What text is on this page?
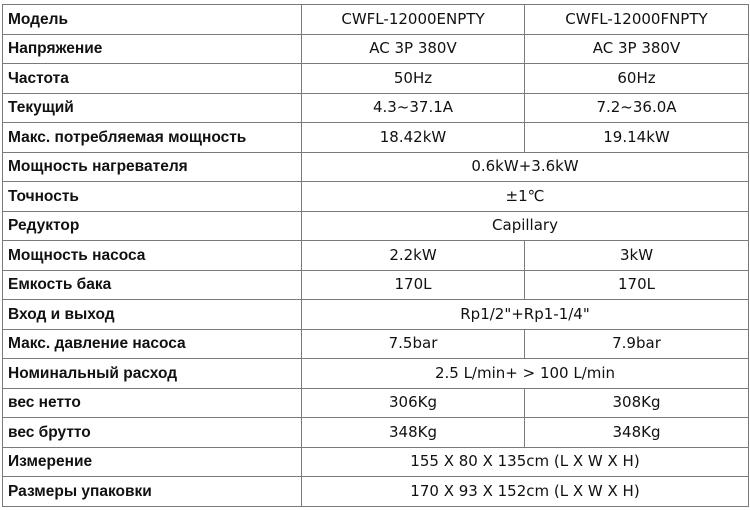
Модель	CWFL-12000ENPTY	CWFL-12000FNPTY
Напряжение	AC 3P 380V	AC 3P 380V
Частота	50Hz	60Hz
Текущий	4.3~37.1A	7.2~36.0A
Макс. потребляемая мощность	18.42kW	19.14kW
Мощность нагревателя	0.6kW+3.6kW	
Точность	±1℃	
Редуктор	Capillary	
Мощность насоса	2.2kW	3kW
Емкость бака	170L	170L
Вход и выход	Rp1/2"+Rp1-1/4"	
Макс. давление насоса	7.5bar	7.9bar
Номинальный расход	2.5 L/min+ > 100 L/min	
вес нетто	306Kg	308Kg
вес брутто	348Kg	348Kg
Измерение	155 X 80 X 135cm (L X W X H)	
Размеры упаковки	170 X 93 X 152cm (L X W X H)	
